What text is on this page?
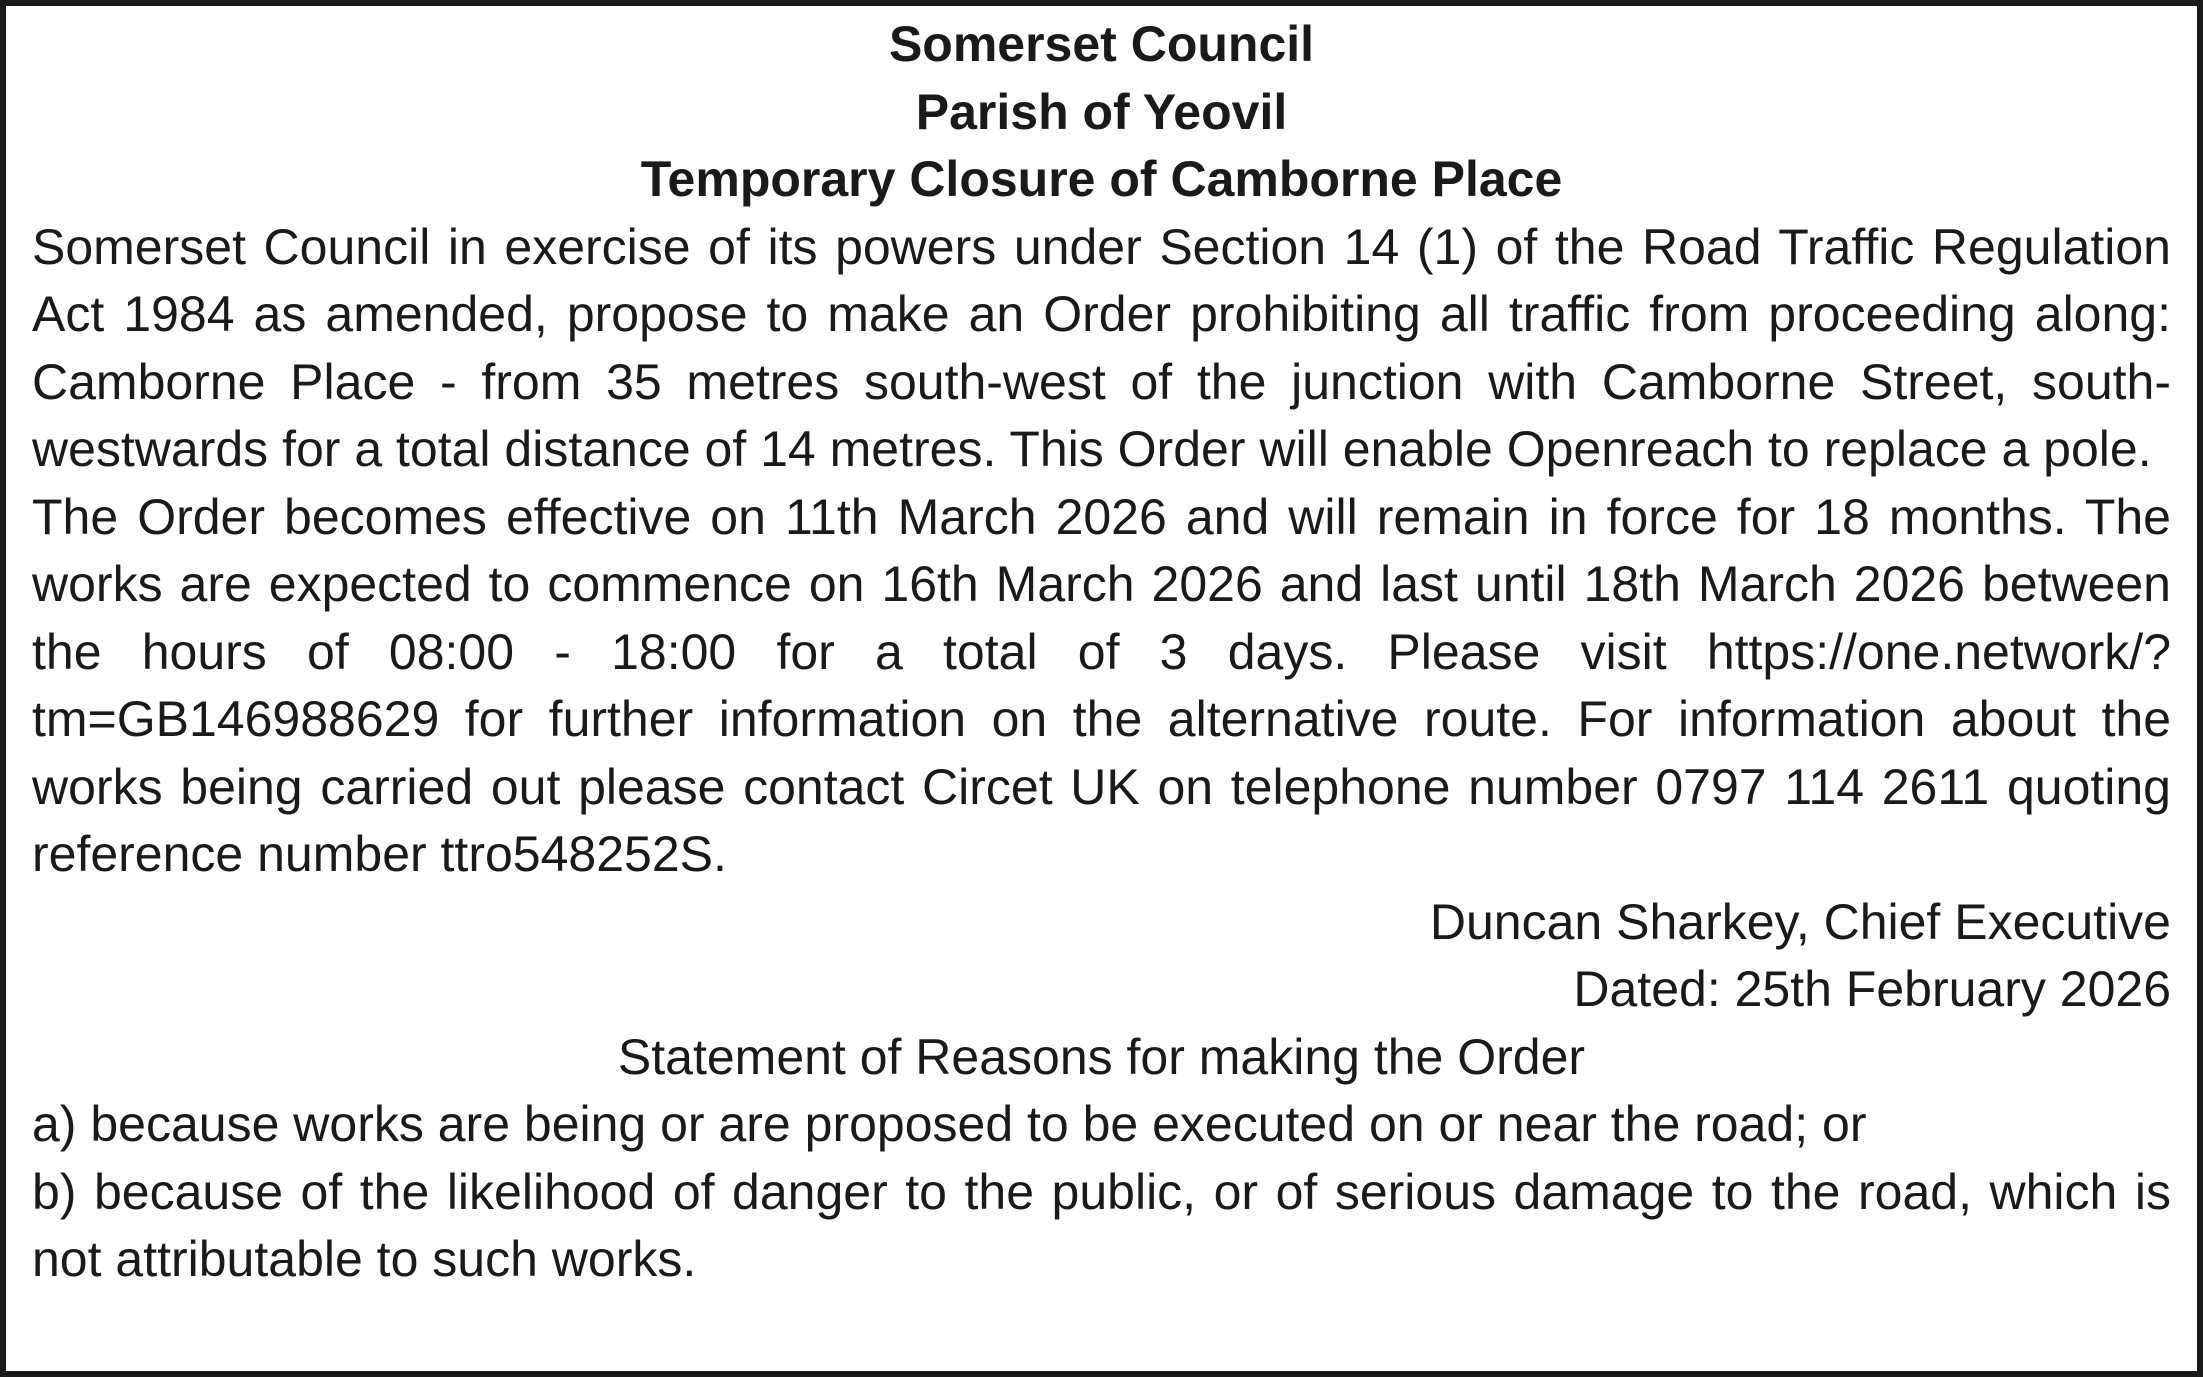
Somerset Council
Parish of Yeovil
Temporary Closure of Camborne Place
Somerset Council in exercise of its powers under Section 14 (1) of the Road Traffic Regulation Act 1984 as amended, propose to make an Order prohibiting all traffic from proceeding along: Camborne Place - from 35 metres south-west of the junction with Camborne Street, south- westwards for a total distance of 14 metres. This Order will enable Openreach to replace a pole.
The Order becomes effective on 11th March 2026 and will remain in force for 18 months. The works are expected to commence on 16th March 2026 and last until 18th March 2026 between the hours of 08:00 - 18:00 for a total of 3 days. Please visit https://one.network/?tm=GB146988629 for further information on the alternative route. For information about the works being carried out please contact Circet UK on telephone number 0797 114 2611 quoting reference number ttro548252S.
Duncan Sharkey, Chief Executive
Dated: 25th February 2026
Statement of Reasons for making the Order
a) because works are being or are proposed to be executed on or near the road; or
b) because of the likelihood of danger to the public, or of serious damage to the road, which is not attributable to such works.
